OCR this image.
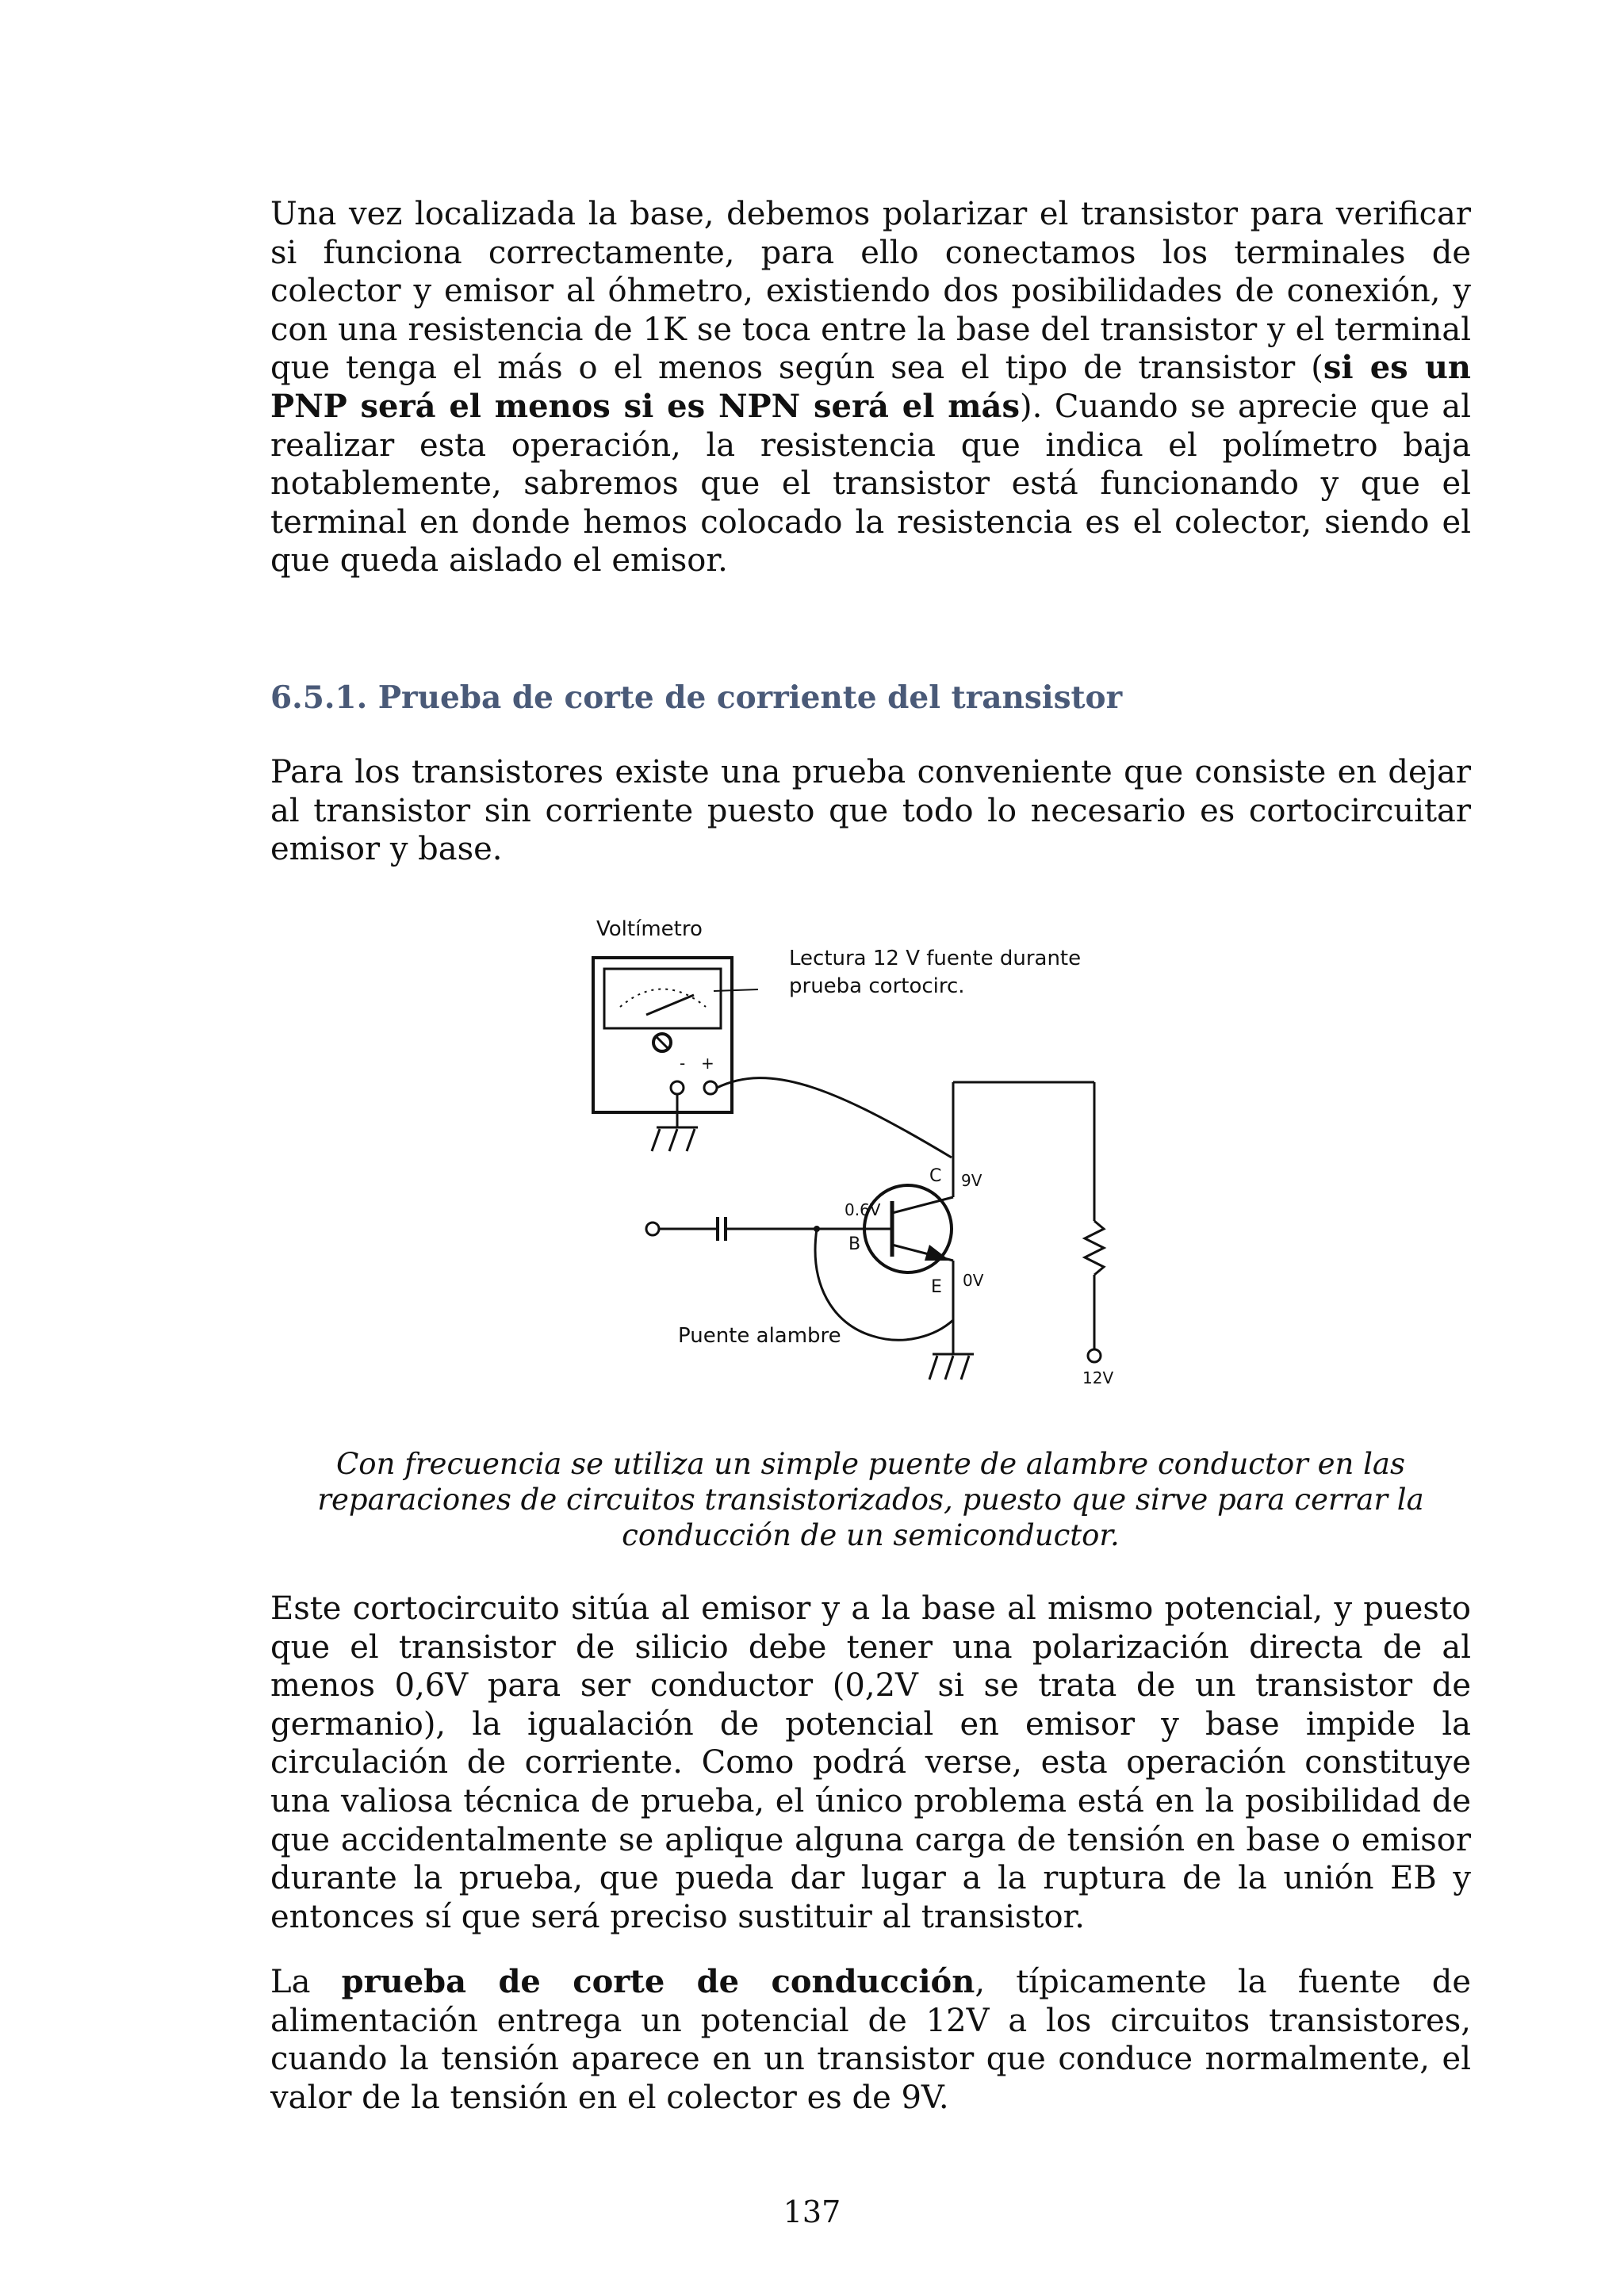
Una vez localizada la base, debemos polarizar el transistor para verificar si funciona correctamente, para ello conectamos los terminales de colector y emisor al óhmetro, existiendo dos posibilidades de conexión, y con una resistencia de 1K se toca entre la base del transistor y el terminal que tenga el más o el menos según sea el tipo de transistor (si es un PNP será el menos si es NPN será el más). Cuando se aprecie que al realizar esta operación, la resistencia que indica el polímetro baja notablemente, sabremos que el transistor está funcionando y que el terminal en donde hemos colocado la resistencia es el colector, siendo el que queda aislado el emisor.

6.5.1. Prueba de corte de corriente del transistor

Para los transistores existe una prueba conveniente que consiste en dejar al transistor sin corriente puesto que todo lo necesario es cortocircuitar emisor y base.

Voltímetro
- +
Lectura 12 V fuente durante
prueba cortocirc.
12V
C 9V
0.6V
B
E 0V
Puente alambre

Con frecuencia se utiliza un simple puente de alambre conductor en las reparaciones de circuitos transistorizados, puesto que sirve para cerrar la conducción de un semiconductor.

Este cortocircuito sitúa al emisor y a la base al mismo potencial, y puesto que el transistor de silicio debe tener una polarización directa de al menos 0,6V para ser conductor (0,2V si se trata de un transistor de germanio), la igualación de potencial en emisor y base impide la circulación de corriente. Como podrá verse, esta operación constituye una valiosa técnica de prueba, el único problema está en la posibilidad de que accidentalmente se aplique alguna carga de tensión en base o emisor durante la prueba, que pueda dar lugar a la ruptura de la unión EB y entonces sí que será preciso sustituir al transistor.

La prueba de corte de conducción, típicamente la fuente de alimentación entrega un potencial de 12V a los circuitos transistores, cuando la tensión aparece en un transistor que conduce normalmente, el valor de la tensión en el colector es de 9V.

137
